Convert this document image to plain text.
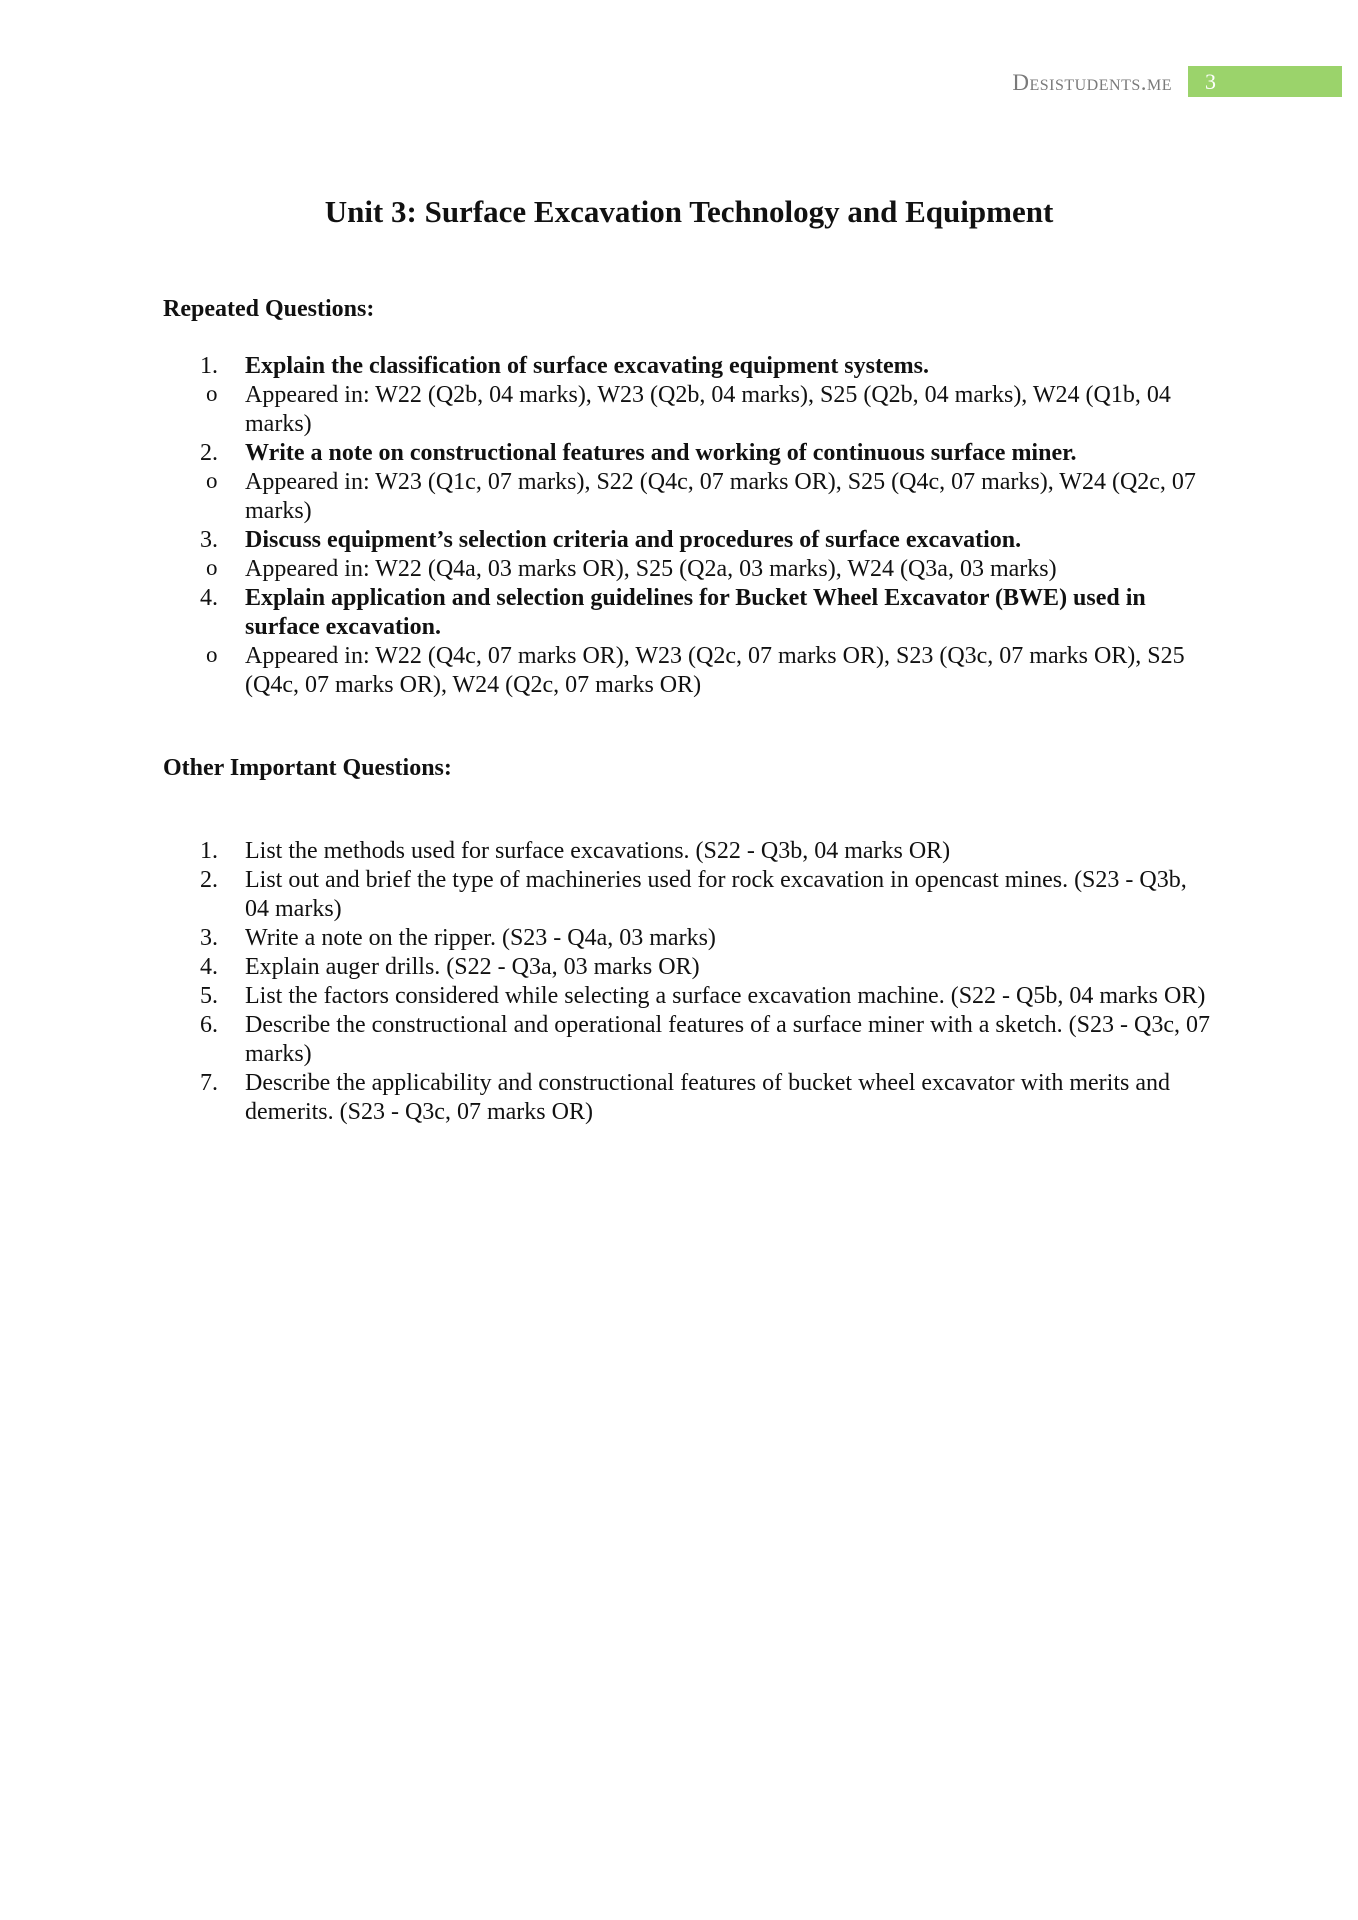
Desistudents.me	3
Unit 3: Surface Excavation Technology and Equipment
Repeated Questions:
1.	Explain the classification of surface excavating equipment systems.
o Appeared in: W22 (Q2b, 04 marks), W23 (Q2b, 04 marks), S25 (Q2b, 04 marks), W24 (Q1b, 04 marks)
2.	Write a note on constructional features and working of continuous surface miner.
o Appeared in: W23 (Q1c, 07 marks), S22 (Q4c, 07 marks OR), S25 (Q4c, 07 marks), W24 (Q2c, 07 marks)
3.	Discuss equipment’s selection criteria and procedures of surface excavation.
o Appeared in: W22 (Q4a, 03 marks OR), S25 (Q2a, 03 marks), W24 (Q3a, 03 marks)
4.	Explain application and selection guidelines for Bucket Wheel Excavator (BWE) used in surface excavation.
o Appeared in: W22 (Q4c, 07 marks OR), W23 (Q2c, 07 marks OR), S23 (Q3c, 07 marks OR), S25 (Q4c, 07 marks OR), W24 (Q2c, 07 marks OR)
Other Important Questions:
1.	List the methods used for surface excavations. (S22 - Q3b, 04 marks OR)
2.	List out and brief the type of machineries used for rock excavation in opencast mines. (S23 - Q3b, 04 marks)
3.	Write a note on the ripper. (S23 - Q4a, 03 marks)
4.	Explain auger drills. (S22 - Q3a, 03 marks OR)
5.	List the factors considered while selecting a surface excavation machine. (S22 - Q5b, 04 marks OR)
6.	Describe the constructional and operational features of a surface miner with a sketch. (S23 - Q3c, 07 marks)
7.	Describe the applicability and constructional features of bucket wheel excavator with merits and demerits. (S23 - Q3c, 07 marks OR)
